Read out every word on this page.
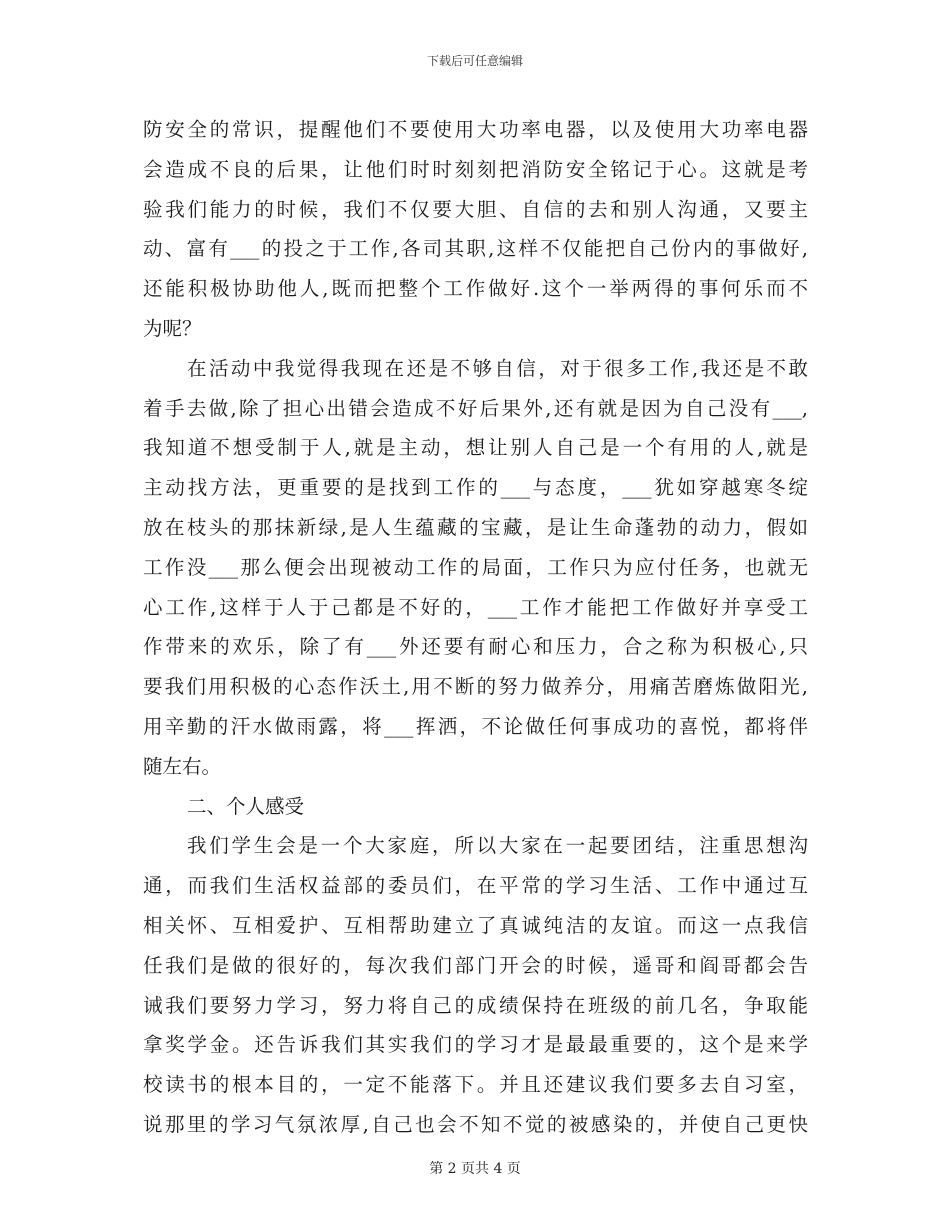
下载后可任意编辑
防安全的常识，提醒他们不要使用大功率电器，以及使用大功率电器
会造成不良的后果，让他们时时刻刻把消防安全铭记于心。这就是考
验我们能力的时候，我们不仅要大胆、自信的去和别人沟通，又要主
动、富有___的投之于工作,各司其职,这样不仅能把自己份内的事做好,
还能积极协助他人,既而把整个工作做好.这个一举两得的事何乐而不
为呢？
在活动中我觉得我现在还是不够自信，对于很多工作,我还是不敢
着手去做,除了担心出错会造成不好后果外,还有就是因为自己没有___,
我知道不想受制于人,就是主动，想让别人自己是一个有用的人,就是
主动找方法，更重要的是找到工作的___与态度，___犹如穿越寒冬绽
放在枝头的那抹新绿,是人生蕴藏的宝藏，是让生命蓬勃的动力，假如
工作没___那么便会出现被动工作的局面，工作只为应付任务，也就无
心工作,这样于人于己都是不好的，___工作才能把工作做好并享受工
作带来的欢乐，除了有___外还要有耐心和压力，合之称为积极心,只
要我们用积极的心态作沃土,用不断的努力做养分，用痛苦磨炼做阳光,
用辛勤的汗水做雨露，将___挥洒，不论做任何事成功的喜悦，都将伴
随左右。
二、个人感受
我们学生会是一个大家庭，所以大家在一起要团结，注重思想沟
通，而我们生活权益部的委员们，在平常的学习生活、工作中通过互
相关怀、互相爱护、互相帮助建立了真诚纯洁的友谊。而这一点我信
任我们是做的很好的，每次我们部门开会的时候，遥哥和阎哥都会告
诫我们要努力学习，努力将自己的成绩保持在班级的前几名，争取能
拿奖学金。还告诉我们其实我们的学习才是最最重要的，这个是来学
校读书的根本目的，一定不能落下。并且还建议我们要多去自习室，
说那里的学习气氛浓厚,自己也会不知不觉的被感染的，并使自己更快
第 2 页共 4 页
